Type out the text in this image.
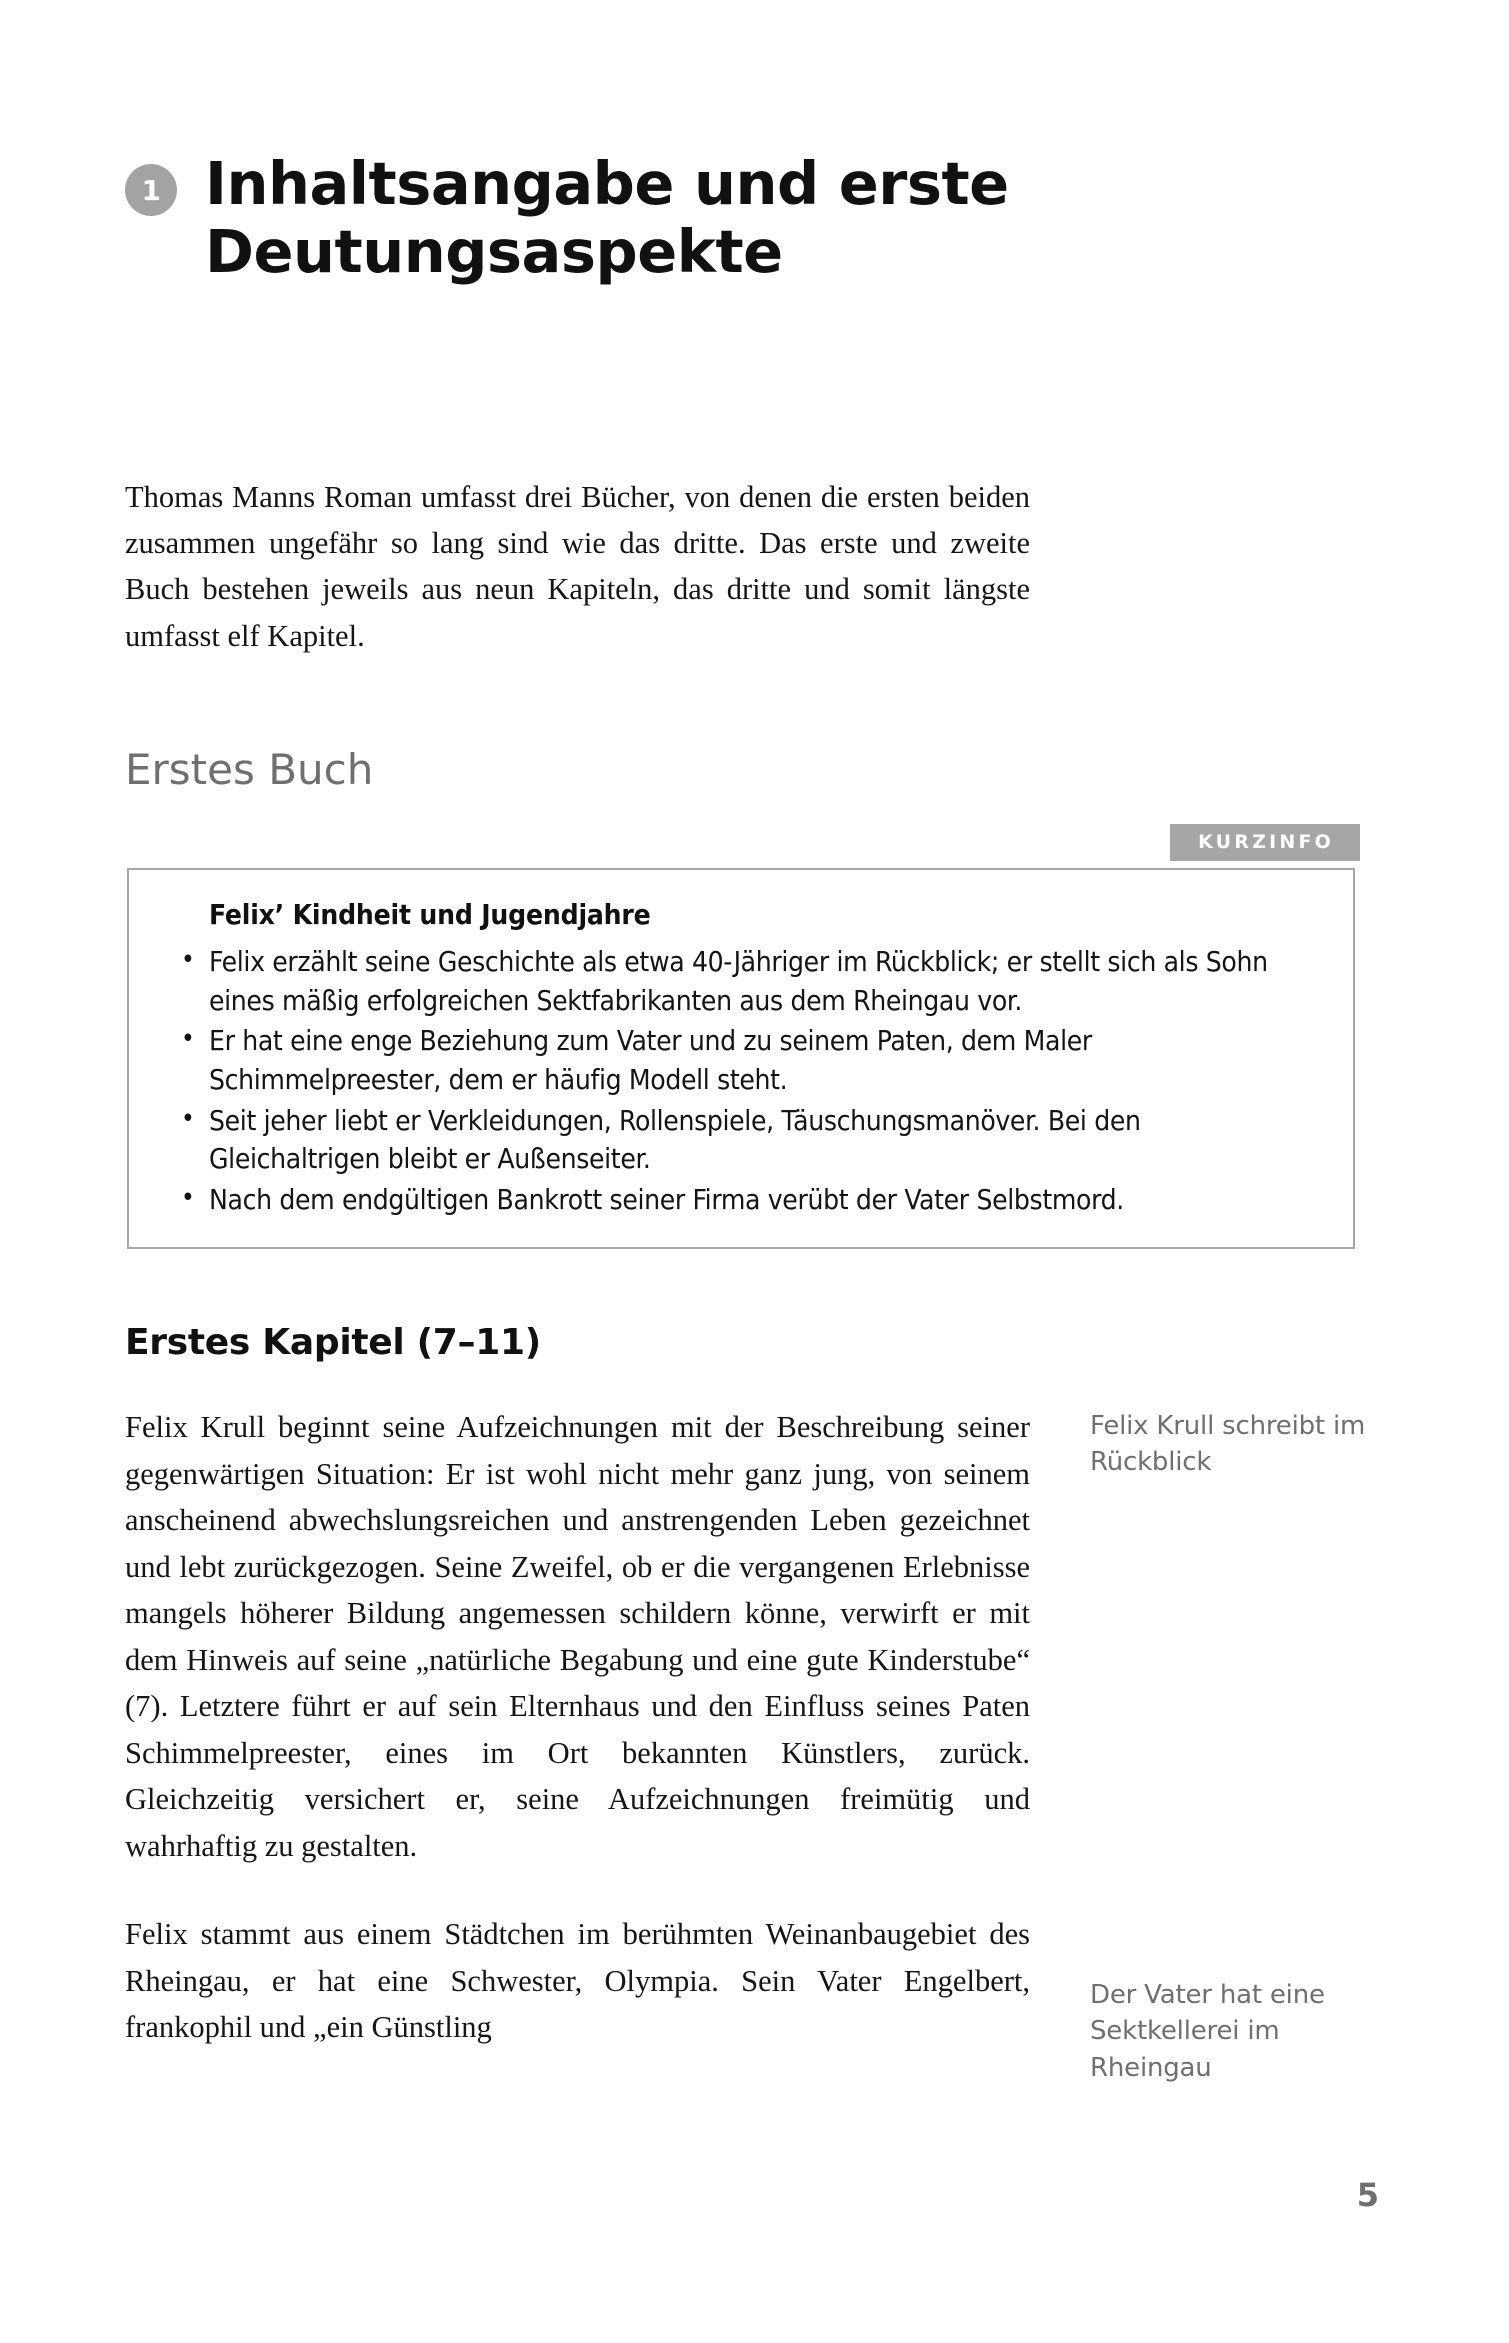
1 Inhaltsangabe und erste Deutungsaspekte

Thomas Manns Roman umfasst drei Bücher, von denen die ersten beiden zusammen ungefähr so lang sind wie das dritte. Das erste und zweite Buch bestehen jeweils aus neun Kapiteln, das dritte und somit längste umfasst elf Kapitel.

Erstes Buch
KURZINFO
Felix’ Kindheit und Jugendjahre
• Felix erzählt seine Geschichte als etwa 40-Jähriger im Rückblick; er stellt sich als Sohn eines mäßig erfolgreichen Sektfabrikanten aus dem Rheingau vor.
• Er hat eine enge Beziehung zum Vater und zu seinem Paten, dem Maler Schimmelpreester, dem er häufig Modell steht.
• Seit jeher liebt er Verkleidungen, Rollenspiele, Täuschungsmanöver. Bei den Gleichaltrigen bleibt er Außenseiter.
• Nach dem endgültigen Bankrott seiner Firma verübt der Vater Selbstmord.
Erstes Kapitel (7–11)

Felix Krull beginnt seine Aufzeichnungen mit der Beschreibung seiner gegenwärtigen Situation: Er ist wohl nicht mehr ganz jung, von seinem anscheinend abwechslungsreichen und anstrengenden Leben gezeichnet und lebt zurückgezogen. Seine Zweifel, ob er die vergangenen Erlebnisse mangels höherer Bildung angemessen schildern könne, verwirft er mit dem Hinweis auf seine „natürliche Begabung und eine gute Kinderstube“ (7). Letztere führt er auf sein Elternhaus und den Einfluss seines Paten Schimmelpreester, eines im Ort bekannten Künstlers, zurück. Gleichzeitig versichert er, seine Aufzeichnungen freimütig und wahrhaftig zu gestalten.

Felix stammt aus einem Städtchen im berühmten Weinanbaugebiet des Rheingau, er hat eine Schwester, Olympia. Sein Vater Engelbert, frankophil und „ein Günstling

Felix Krull schreibt im Rückblick
Der Vater hat eine Sektkellerei im Rheingau
5
